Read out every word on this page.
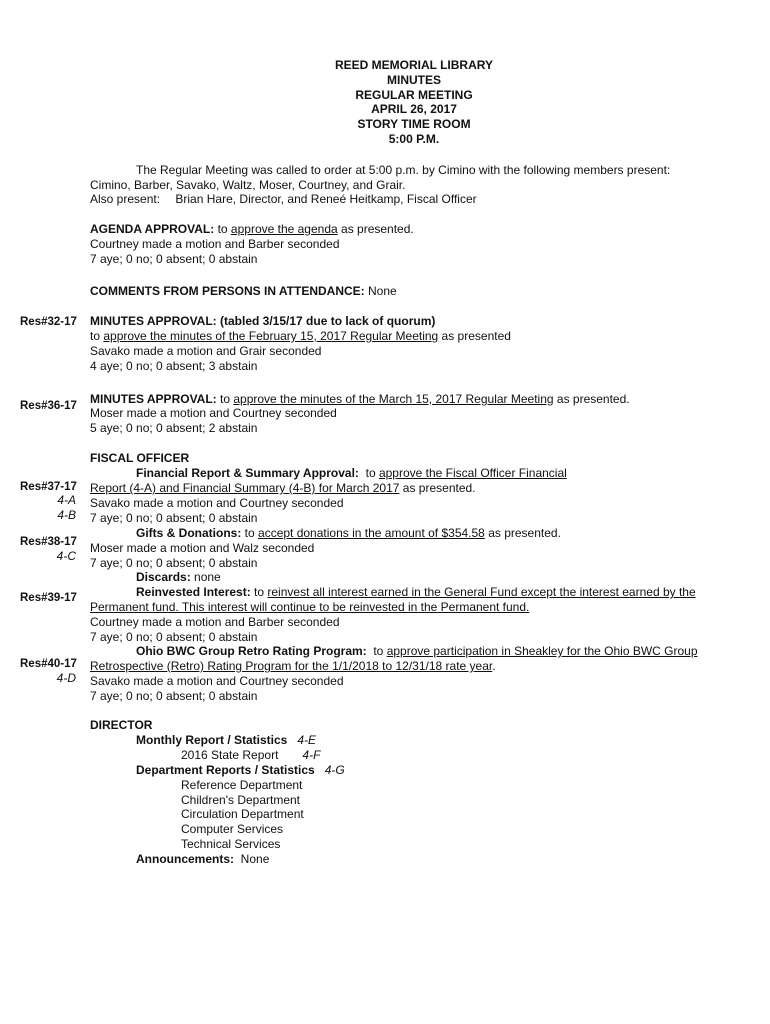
REED MEMORIAL LIBRARY
MINUTES
REGULAR MEETING
APRIL 26, 2017
STORY TIME ROOM
5:00 P.M.
The Regular Meeting was called to order at 5:00 p.m. by Cimino with the following members present:
Cimino, Barber, Savako, Waltz, Moser, Courtney, and Grair.
Also present: Brian Hare, Director, and Reneé Heitkamp, Fiscal Officer
AGENDA APPROVAL: to approve the agenda as presented.
Courtney made a motion and Barber seconded
7 aye; 0 no; 0 absent; 0 abstain
COMMENTS FROM PERSONS IN ATTENDANCE: None
Res#32-17 MINUTES APPROVAL: (tabled 3/15/17 due to lack of quorum)
to approve the minutes of the February 15, 2017 Regular Meeting as presented
Savako made a motion and Grair seconded
4 aye; 0 no; 0 absent; 3 abstain
Res#36-17 MINUTES APPROVAL: to approve the minutes of the March 15, 2017 Regular Meeting as presented.
Moser made a motion and Courtney seconded
5 aye; 0 no; 0 absent; 2 abstain
FISCAL OFFICER
Financial Report & Summary Approval:  to approve the Fiscal Officer Financial
Res#37-17 Report (4-A) and Financial Summary (4-B) for March 2017 as presented.
4-A Savako made a motion and Courtney seconded
4-B 7 aye; 0 no; 0 absent; 0 abstain
Gifts & Donations: to accept donations in the amount of $354.58 as presented.
Res#38-17 Moser made a motion and Walz seconded
4-C 7 aye; 0 no; 0 absent; 0 abstain
Discards: none
Reinvested Interest: to reinvest all interest earned in the General Fund except the interest earned by the
Res#39-17
Permanent fund. This interest will continue to be reinvested in the Permanent fund.
Courtney made a motion and Barber seconded
7 aye; 0 no; 0 absent; 0 abstain
Ohio BWC Group Retro Rating Program:  to approve participation in Sheakley for the Ohio BWC Group
Res#40-17 Retrospective (Retro) Rating Program for the 1/1/2018 to 12/31/18 rate year.
4-D Savako made a motion and Courtney seconded
7 aye; 0 no; 0 absent; 0 abstain
DIRECTOR
Monthly Report / Statistics 4-E
2016 State Report 4-F
Department Reports / Statistics 4-G
Reference Department
Children's Department
Circulation Department
Computer Services
Technical Services
Announcements:  None
